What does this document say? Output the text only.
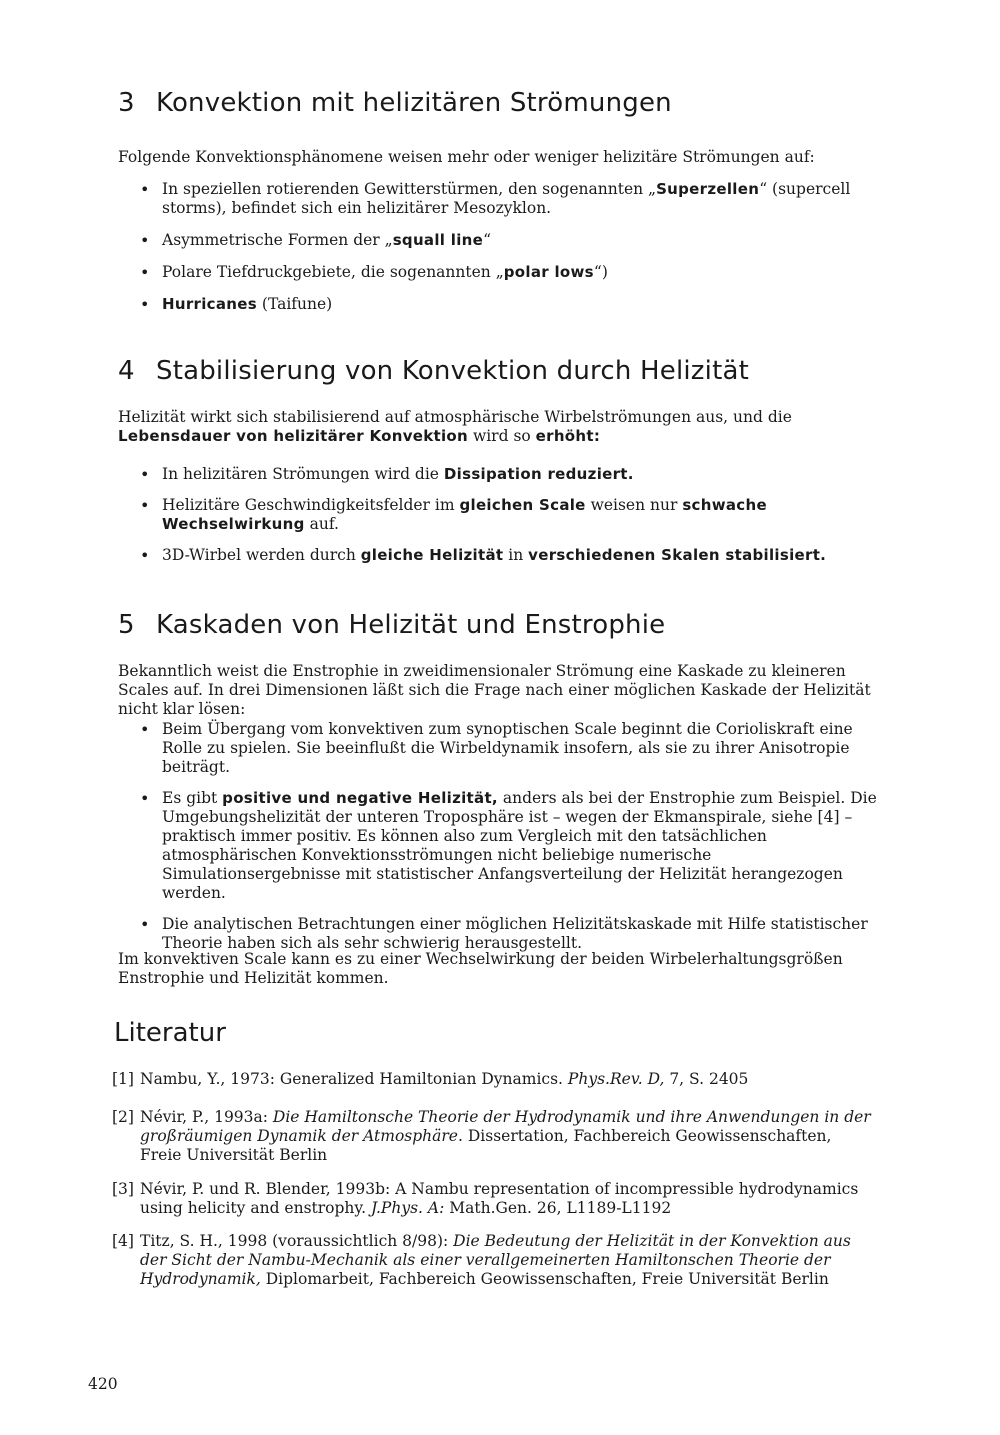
3 Konvektion mit helizitären Strömungen

Folgende Konvektionsphänomene weisen mehr oder weniger helizitäre Strömungen auf:

• In speziellen rotierenden Gewitterstürmen, den sogenannten „Superzellen“ (supercell storms), befindet sich ein helizitärer Mesozyklon.
• Asymmetrische Formen der „squall line“
• Polare Tiefdruckgebiete, die sogenannten „polar lows“)
• Hurricanes (Taifune)
4 Stabilisierung von Konvektion durch Helizität

Helizität wirkt sich stabilisierend auf atmosphärische Wirbelströmungen aus, und die Lebensdauer von helizitärer Konvektion wird so erhöht:

• In helizitären Strömungen wird die Dissipation reduziert.
• Helizitäre Geschwindigkeitsfelder im gleichen Scale weisen nur schwache Wechselwirkung auf.
• 3D-Wirbel werden durch gleiche Helizität in verschiedenen Skalen stabilisiert.
5 Kaskaden von Helizität und Enstrophie

Bekanntlich weist die Enstrophie in zweidimensionaler Strömung eine Kaskade zu kleineren Scales auf. In drei Dimensionen läßt sich die Frage nach einer möglichen Kaskade der Helizität nicht klar lösen:

• Beim Übergang vom konvektiven zum synoptischen Scale beginnt die Corioliskraft eine Rolle zu spielen. Sie beeinflußt die Wirbeldynamik insofern, als sie zu ihrer Anisotropie beiträgt.
• Es gibt positive und negative Helizität, anders als bei der Enstrophie zum Beispiel. Die Umgebungshelizität der unteren Troposphäre ist – wegen der Ekmanspirale, siehe [4] – praktisch immer positiv. Es können also zum Vergleich mit den tatsächlichen atmosphärischen Konvektionsströmungen nicht beliebige numerische Simulationsergebnisse mit statistischer Anfangsverteilung der Helizität herangezogen werden.
• Die analytischen Betrachtungen einer möglichen Helizitätskaskade mit Hilfe statistischer Theorie haben sich als sehr schwierig herausgestellt.

Im konvektiven Scale kann es zu einer Wechselwirkung der beiden Wirbelerhaltungsgrößen Enstrophie und Helizität kommen.

Literatur
[1] Nambu, Y., 1973: Generalized Hamiltonian Dynamics. Phys.Rev. D, 7, S. 2405
[2] Névir, P., 1993a: Die Hamiltonsche Theorie der Hydrodynamik und ihre Anwendungen in der großräumigen Dynamik der Atmosphäre. Dissertation, Fachbereich Geowissenschaften, Freie Universität Berlin
[3] Névir, P. und R. Blender, 1993b: A Nambu representation of incompressible hydrodynamics using helicity and enstrophy. J.Phys. A: Math.Gen. 26, L1189-L1192
[4] Titz, S. H., 1998 (voraussichtlich 8/98): Die Bedeutung der Helizität in der Konvektion aus der Sicht der Nambu-Mechanik als einer verallgemeinerten Hamiltonschen Theorie der Hydrodynamik, Diplomarbeit, Fachbereich Geowissenschaften, Freie Universität Berlin
420
